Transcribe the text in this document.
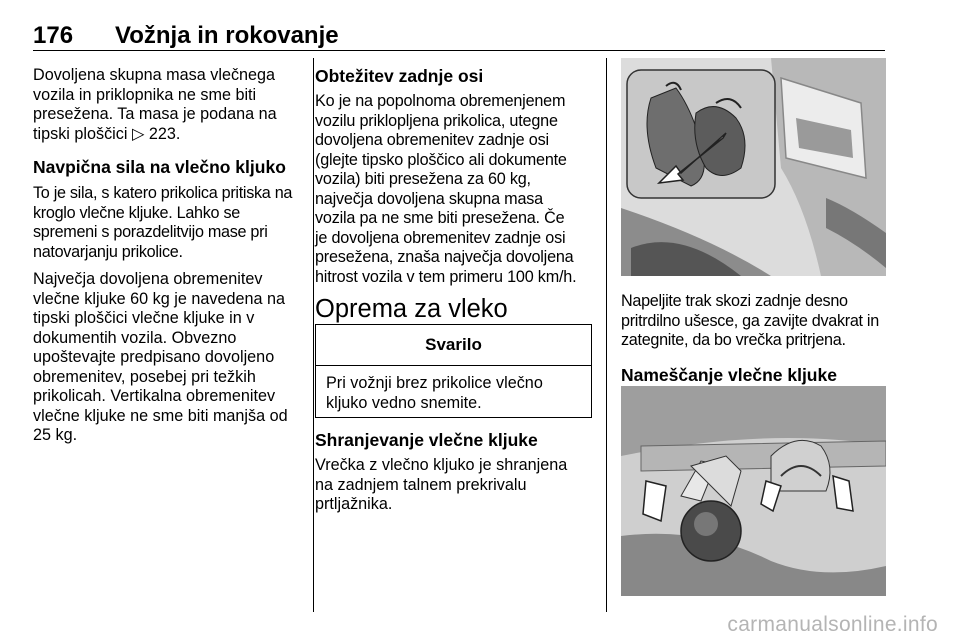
176 Vožnja in rokovanje

Dovoljena skupna masa vlečnega
vozila in priklopnika ne sme biti
presežena. Ta masa je podana na
tipski ploščici ▷ 223.

Navpična sila na vlečno kljuko

To je sila, s katero prikolica pritiska na
kroglo vlečne kljuke. Lahko se
spremeni s porazdelitvijo mase pri
natovarjanju prikolice.

Največja dovoljena obremenitev
vlečne kljuke 60 kg je navedena na
tipski ploščici vlečne kljuke in v
dokumentih vozila. Obvezno
upoštevajte predpisano dovoljeno
obremenitev, posebej pri težkih
prikolicah. Vertikalna obremenitev
vlečne kljuke ne sme biti manjša od
25 kg.

Obtežitev zadnje osi

Ko je na popolnoma obremenjenem
vozilu priklopljena prikolica, utegne
dovoljena obremenitev zadnje osi
(glejte tipsko ploščico ali dokumente
vozila) biti presežena za 60 kg,
največja dovoljena skupna masa
vozila pa ne sme biti presežena. Če
je dovoljena obremenitev zadnje osi
presežena, znaša največja dovoljena
hitrost vozila v tem primeru 100 km/h.

Oprema za vleko

Svarilo
Pri vožnji brez prikolice vlečno
kljuko vedno snemite.

Shranjevanje vlečne kljuke

Vrečka z vlečno kljuko je shranjena
na zadnjem talnem prekrivalu
prtljažnika.

Napeljite trak skozi zadnje desno
pritrdilno ušesce, ga zavijte dvakrat in
zategnite, da bo vrečka pritrjena.

Nameščanje vlečne kljuke

carmanualsonline.info
